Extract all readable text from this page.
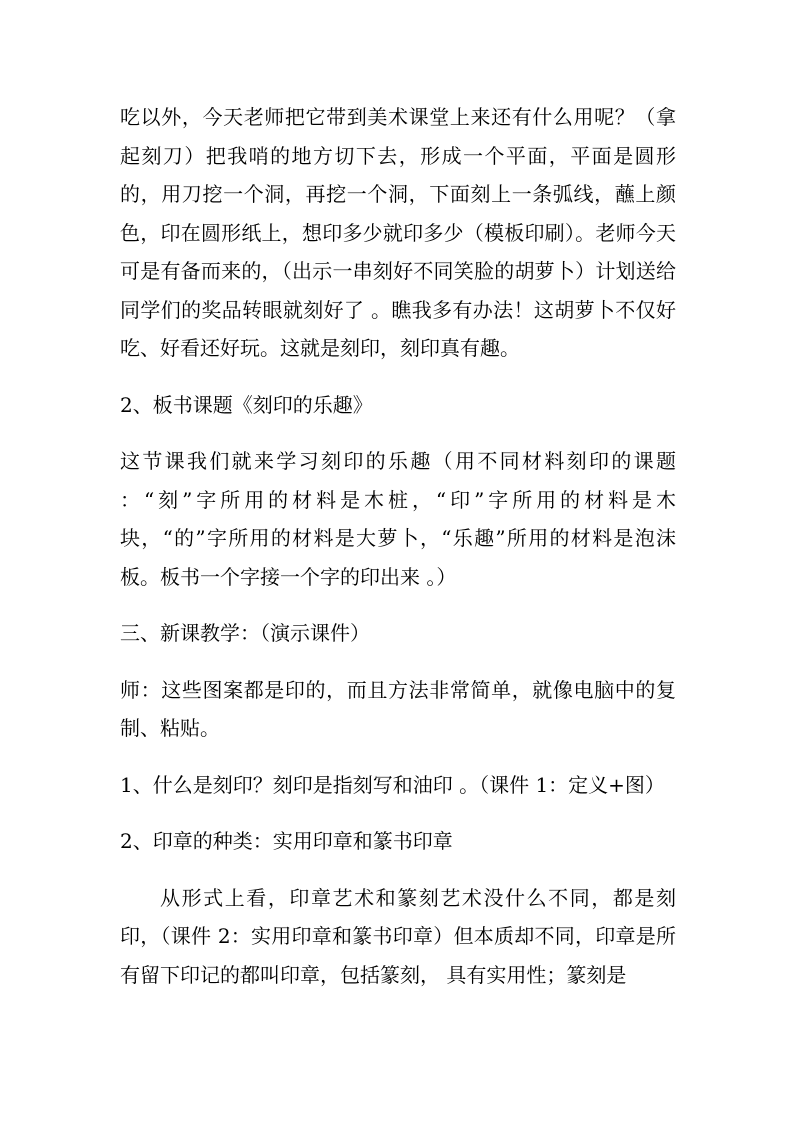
吃以外，今天老师把它带到美术课堂上来还有什么用呢？（拿起刻刀）把我哨的地方切下去，形成一个平面，平面是圆形的，用刀挖一个洞，再挖一个洞，下面刻上一条弧线，蘸上颜色，印在圆形纸上，想印多少就印多少（模板印刷）。老师今天可是有备而来的，（出示一串刻好不同笑脸的胡萝卜）计划送给同学们的奖品转眼就刻好了 。瞧我多有办法！这胡萝卜不仅好吃、好看还好玩。这就是刻印，刻印真有趣。

2、板书课题《刻印的乐趣》

这节课我们就来学习刻印的乐趣（用不同材料刻印的课题 ：“刻”字所用的材料是木桩，“印”字所用的材料是木块，“的”字所用的材料是大萝卜，“乐趣”所用的材料是泡沫板。板书一个字接一个字的印出来 。）

三、新课教学：（演示课件）

师：这些图案都是印的，而且方法非常简单，就像电脑中的复制、粘贴。

1、什么是刻印？刻印是指刻写和油印 。（课件 1：定义+图）

2、印章的种类：实用印章和篆书印章

从形式上看，印章艺术和篆刻艺术没什么不同，都是刻印，（课件 2：实用印章和篆书印章）但本质却不同，印章是所有留下印记的都叫印章，包括篆刻， 具有实用性；篆刻是
